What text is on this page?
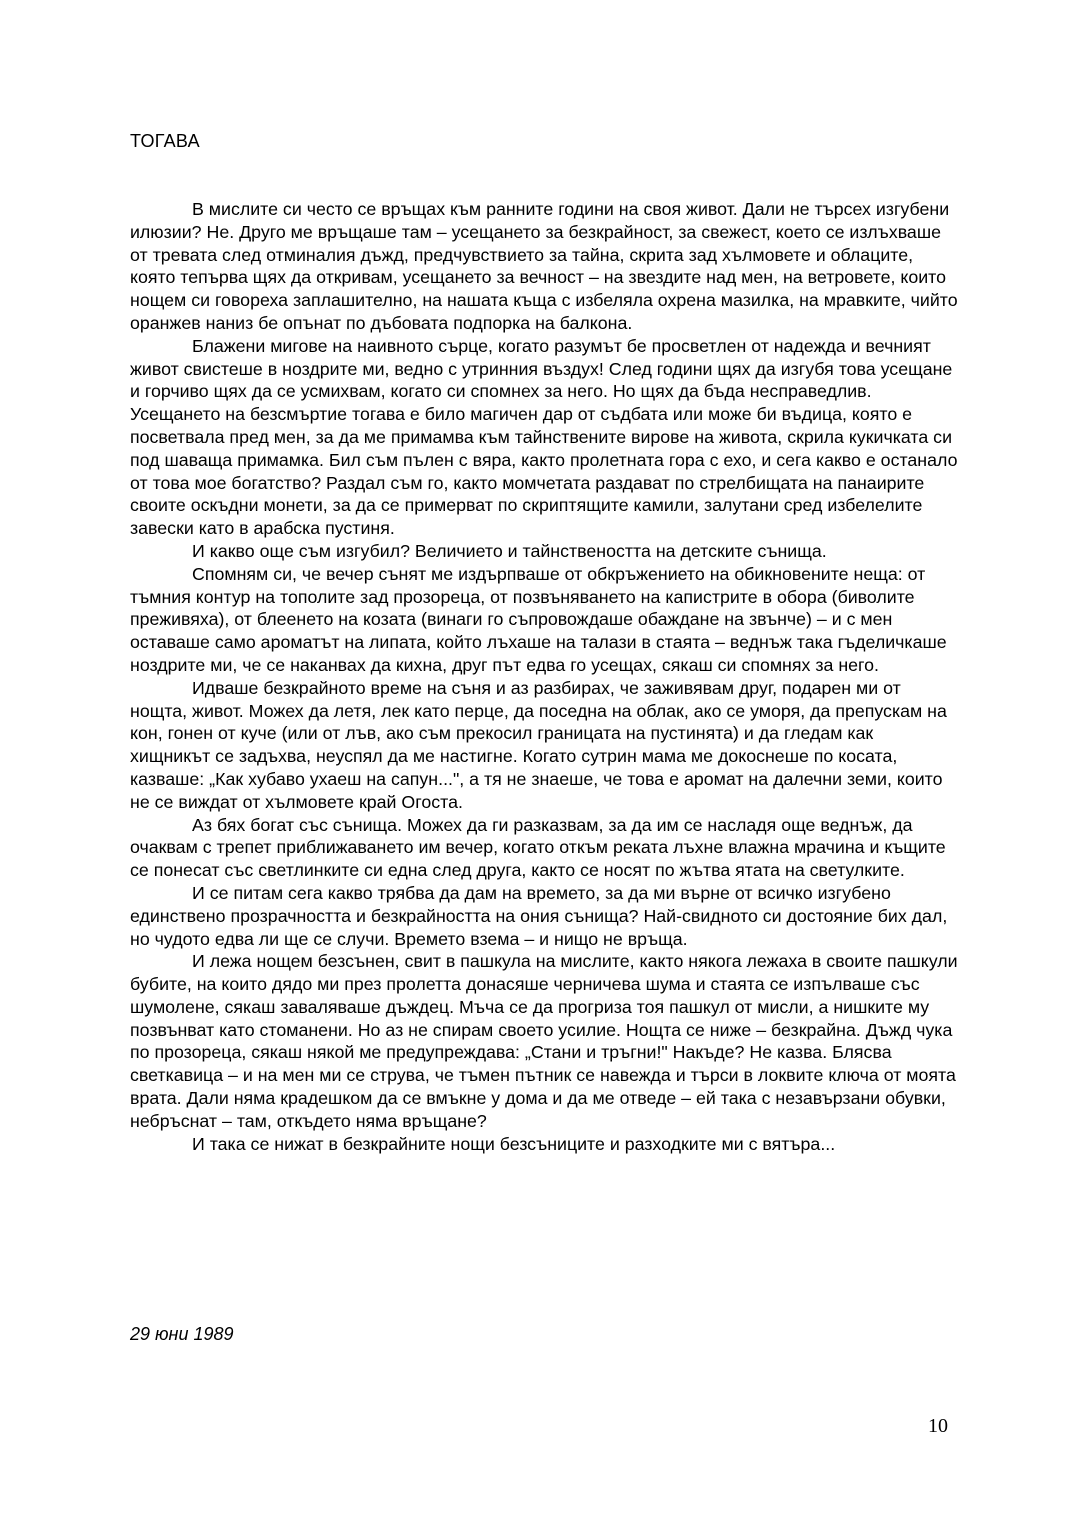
ТОГАВА

В мислите си често се връщах към ранните години на своя живот. Дали не търсех изгубени илюзии? Не. Друго ме връщаше там – усещането за безкрайност, за свежест, което се излъхваше от тревата след отминалия дъжд, предчувствието за тайна, скрита зад хълмовете и облаците, която тепърва щях да откривам, усещането за вечност – на звездите над мен, на ветровете, които нощем си говореха заплашително, на нашата къща с избеляла охрена мазилка, на мравките, чийто оранжев наниз бе опънат по дъбовата подпорка на балкона.

Блажени мигове на наивното сърце, когато разумът бе просветлен от надежда и вечният живот свистеше в ноздрите ми, ведно с утринния въздух! След години щях да изгубя това усещане и горчиво щях да се усмихвам, когато си спомнех за него. Но щях да бъда несправедлив. Усещането на безсмъртие тогава е било магичен дар от съдбата или може би въдица, която е посветвала пред мен, за да ме примамва към тайнствените вирове на живота, скрила кукичката си под шаваща примамка. Бил съм пълен с вяра, както пролетната гора с ехо, и сега какво е останало от това мое богатство? Раздал съм го, както момчетата раздават по стрелбищата на панаирите своите оскъдни монети, за да се примерват по скриптящите камили, залутани сред избелелите завески като в арабска пустиня.

И какво още съм изгубил? Величието и тайнствеността на детските сънища.

Спомням си, че вечер сънят ме издърпваше от обкръжението на обикновените неща: от тъмния контур на тополите зад прозореца, от позвъняването на капистрите в обора (биволите преживяха), от блеенето на козата (винаги го съпровождаше обаждане на звънче) – и с мен оставаше само ароматът на липата, който лъхаше на талази в стаята – веднъж така гъделичкаше ноздрите ми, че се наканвах да кихна, друг път едва го усещах, сякаш си спомнях за него.

Идваше безкрайното време на съня и аз разбирах, че заживявам друг, подарен ми от нощта, живот. Можех да летя, лек като перце, да поседна на облак, ако се уморя, да препускам на кон, гонен от куче (или от лъв, ако съм прекосил границата на пустинята) и да гледам как хищникът се задъхва, неуспял да ме настигне. Когато сутрин мама ме докоснеше по косата, казваше: „Как хубаво ухаеш на сапун...", а тя не знаеше, че това е аромат на далечни земи, които не се виждат от хълмовете край Огоста.

Аз бях богат със сънища. Можех да ги разказвам, за да им се насладя още веднъж, да очаквам с трепет приближаването им вечер, когато откъм реката лъхне влажна мрачина и къщите се понесат със светлинките си една след друга, както се носят по жътва ятата на светулките.

И се питам сега какво трябва да дам на времето, за да ми върне от всичко изгубено единствено прозрачността и безкрайността на ония сънища? Най-свидното си достояние бих дал, но чудото едва ли ще се случи. Времето взема – и нищо не връща.

И лежа нощем безсънен, свит в пашкула на мислите, както някога лежаха в своите пашкули бубите, на които дядо ми през пролетта донасяше черничева шума и стаята се изпълваше със шумолене, сякаш заваляваше дъждец. Мъча се да прогриза тоя пашкул от мисли, а нишките му позвънват като стоманени. Но аз не спирам своето усилие. Нощта се ниже – безкрайна. Дъжд чука по прозореца, сякаш някой ме предупреждава: „Стани и тръгни!" Накъде? Не казва. Блясва светкавица – и на мен ми се струва, че тъмен пътник се навежда и търси в локвите ключа от моята врата. Дали няма крадешком да се вмъкне у дома и да ме отведе – ей така с незавързани обувки, небръснат – там, откъдето няма връщане?

И така се нижат в безкрайните нощи безсъниците и разходките ми с вятъра...

29 юни 1989
10
